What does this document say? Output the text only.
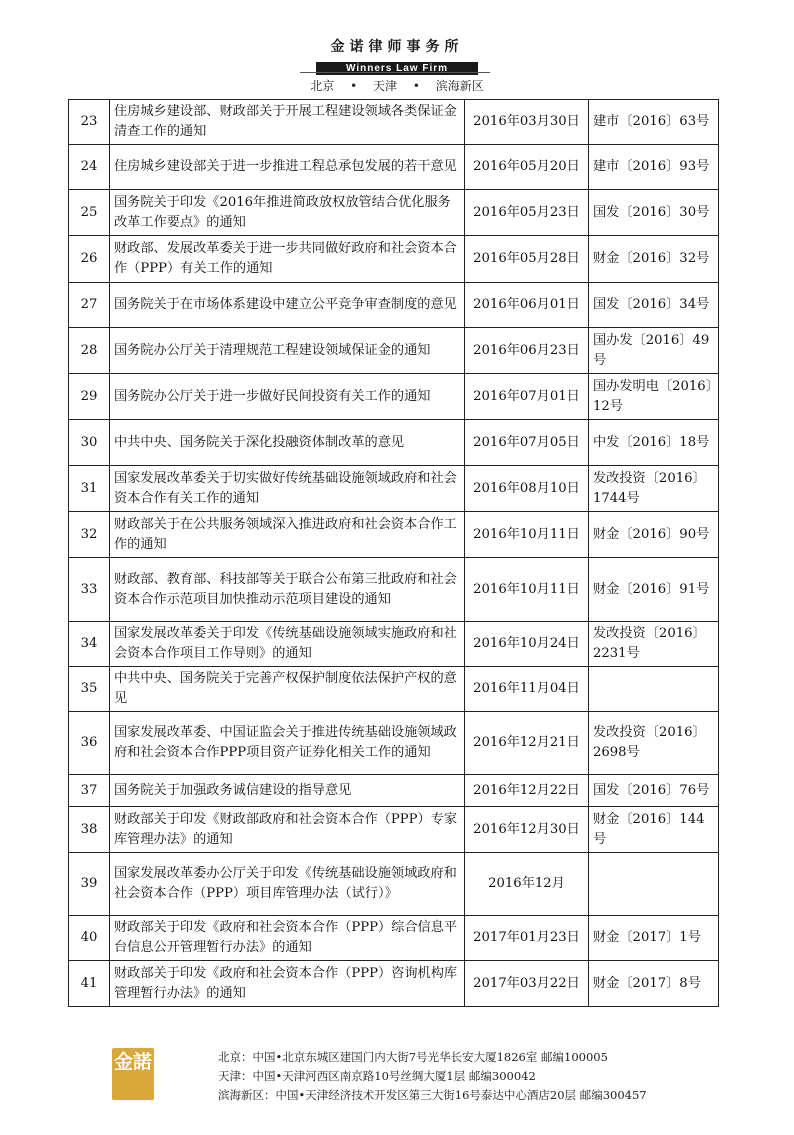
金诺律师事务所
Winners Law Firm
北京 • 天津 • 滨海新区
23	住房城乡建设部、财政部关于开展工程建设领域各类保证金清查工作的通知	2016年03月30日	建市〔2016〕63号
24	住房城乡建设部关于进一步推进工程总承包发展的若干意见	2016年05月20日	建市〔2016〕93号
25	国务院关于印发《2016年推进简政放权放管结合优化服务改革工作要点》的通知	2016年05月23日	国发〔2016〕30号
26	财政部、发展改革委关于进一步共同做好政府和社会资本合作（PPP）有关工作的通知	2016年05月28日	财金〔2016〕32号
27	国务院关于在市场体系建设中建立公平竞争审查制度的意见	2016年06月01日	国发〔2016〕34号
28	国务院办公厅关于清理规范工程建设领域保证金的通知	2016年06月23日	国办发〔2016〕49号
29	国务院办公厅关于进一步做好民间投资有关工作的通知	2016年07月01日	国办发明电〔2016〕12号
30	中共中央、国务院关于深化投融资体制改革的意见	2016年07月05日	中发〔2016〕18号
31	国家发展改革委关于切实做好传统基础设施领域政府和社会资本合作有关工作的通知	2016年08月10日	发改投资〔2016〕1744号
32	财政部关于在公共服务领域深入推进政府和社会资本合作工作的通知	2016年10月11日	财金〔2016〕90号
33	财政部、教育部、科技部等关于联合公布第三批政府和社会资本合作示范项目加快推动示范项目建设的通知	2016年10月11日	财金〔2016〕91号
34	国家发展改革委关于印发《传统基础设施领域实施政府和社会资本合作项目工作导则》的通知	2016年10月24日	发改投资〔2016〕2231号
35	中共中央、国务院关于完善产权保护制度依法保护产权的意见	2016年11月04日	
36	国家发展改革委、中国证监会关于推进传统基础设施领域政府和社会资本合作PPP项目资产证券化相关工作的通知	2016年12月21日	发改投资〔2016〕2698号
37	国务院关于加强政务诚信建设的指导意见	2016年12月22日	国发〔2016〕76号
38	财政部关于印发《财政部政府和社会资本合作（PPP）专家库管理办法》的通知	2016年12月30日	财金〔2016〕144号
39	国家发展改革委办公厅关于印发《传统基础设施领域政府和社会资本合作（PPP）项目库管理办法（试行）》	2016年12月	
40	财政部关于印发《政府和社会资本合作（PPP）综合信息平台信息公开管理暂行办法》的通知	2017年01月23日	财金〔2017〕1号
41	财政部关于印发《政府和社会资本合作（PPP）咨询机构库管理暂行办法》的通知	2017年03月22日	财金〔2017〕8号
金諾	北京：中国•北京东城区建国门内大街7号光华长安大厦1826室 邮编100005
天津：中国•天津河西区南京路10号丝绸大厦1层 邮编300042
滨海新区：中国•天津经济技术开发区第三大街16号泰达中心酒店20层 邮编300457
